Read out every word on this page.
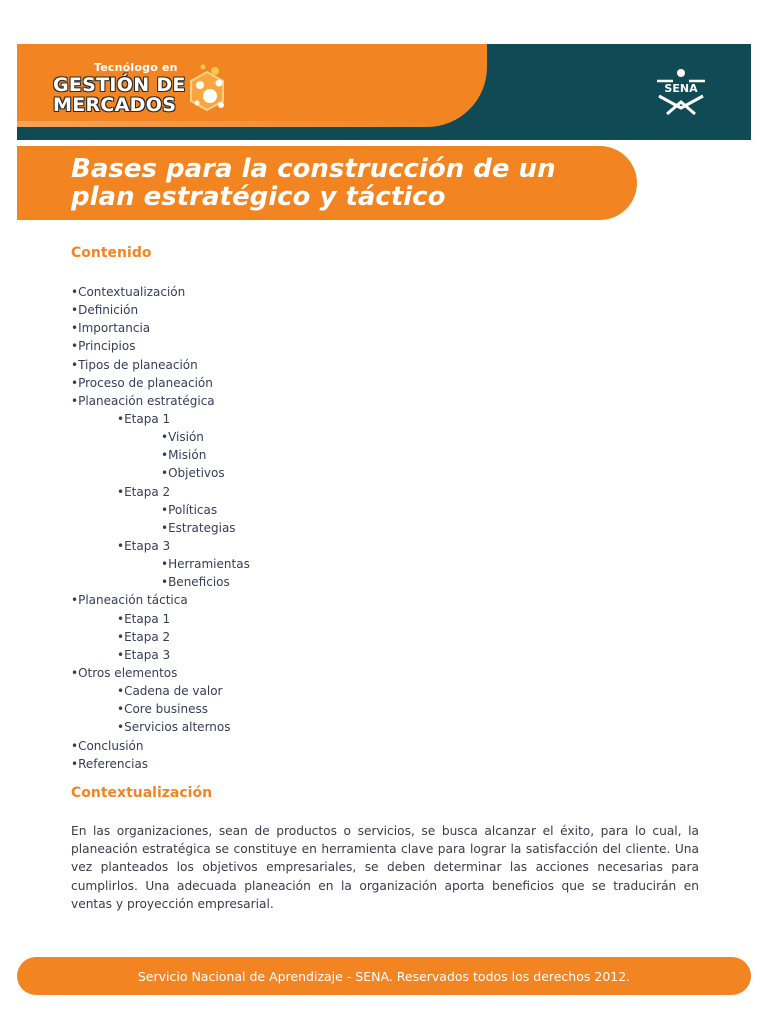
Tecnólogo en
GESTIÓN DE
MERCADOS
SENA
Bases para la construcción de un plan estratégico y táctico
Contenido
•Contextualización
•Definición
•Importancia
•Principios
•Tipos de planeación
•Proceso de planeación
•Planeación estratégica
•Etapa 1
•Visión
•Misión
•Objetivos
•Etapa 2
•Políticas
•Estrategias
•Etapa 3
•Herramientas
•Beneficios
•Planeación táctica
•Etapa 1
•Etapa 2
•Etapa 3
•Otros elementos
•Cadena de valor
•Core business
•Servicios alternos
•Conclusión
•Referencias
Contextualización

En las organizaciones, sean de productos o servicios, se busca alcanzar el éxito, para lo cual, la planeación estratégica se constituye en herramienta clave para lograr la satisfacción del cliente. Una vez planteados los objetivos empresariales, se deben determinar las acciones necesarias para cumplirlos. Una adecuada planeación en la organización aporta beneficios que se traducirán en ventas y proyección empresarial.

Servicio Nacional de Aprendizaje - SENA. Reservados todos los derechos 2012.
